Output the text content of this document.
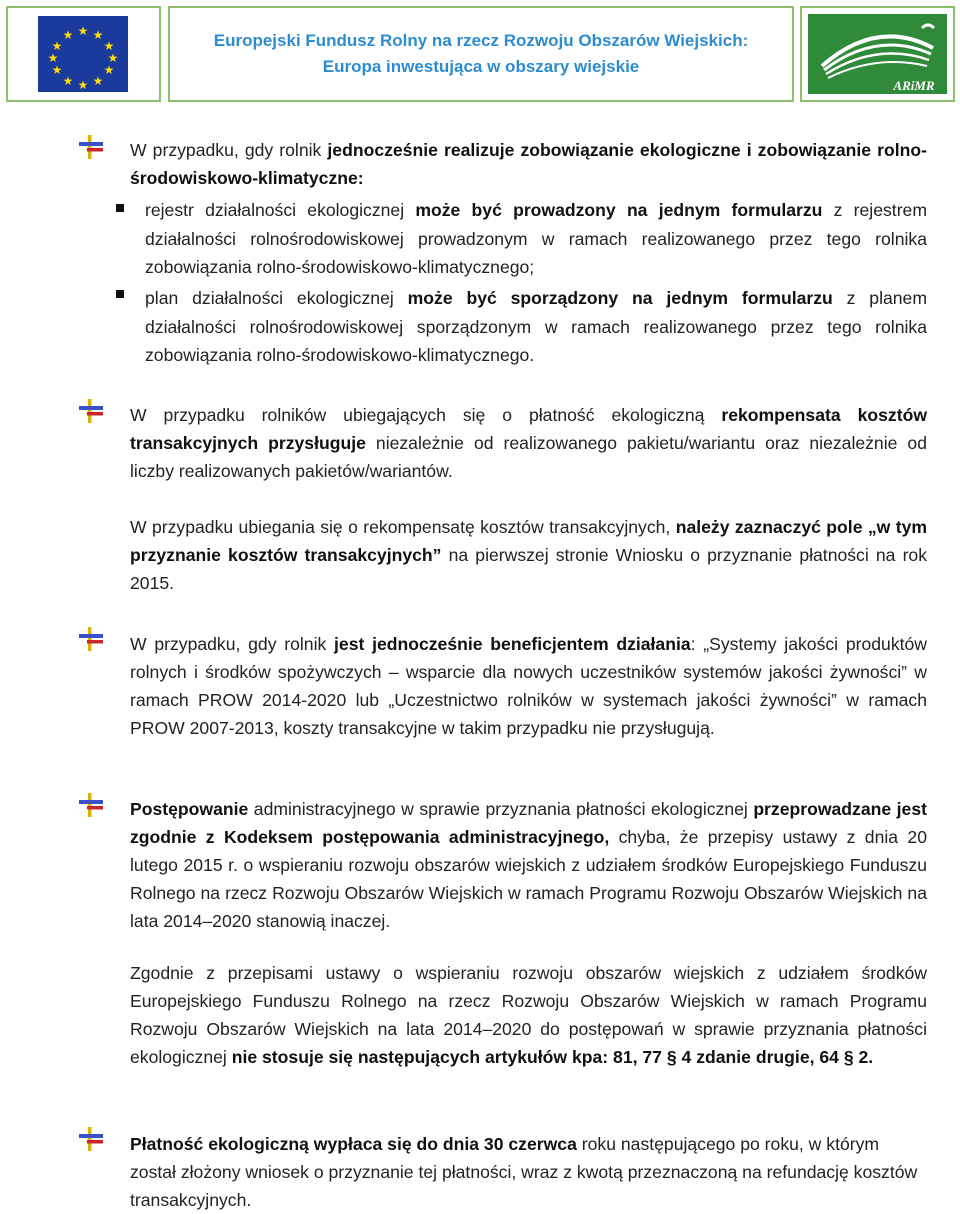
★ ★
★
★
★
★
★
★
★
★
★
★	Europejski Fundusz Rolny na rzecz Rozwoju Obszarów Wiejskich:
Europa inwestująca w obszary wiejskie
ARiMR
W przypadku, gdy rolnik jednocześnie realizuje zobowiązanie ekologiczne i zobowiązanie rolno-środowiskowo-klimatyczne:
rejestr działalności ekologicznej może być prowadzony na jednym formularzu z rejestrem działalności rolnośrodowiskowej prowadzonym w ramach realizowanego przez tego rolnika zobowiązania rolno-środowiskowo-klimatycznego;
plan działalności ekologicznej może być sporządzony na jednym formularzu z planem działalności rolnośrodowiskowej sporządzonym w ramach realizowanego przez tego rolnika zobowiązania rolno-środowiskowo-klimatycznego.
W przypadku rolników ubiegających się o płatność ekologiczną rekompensata kosztów transakcyjnych przysługuje niezależnie od realizowanego pakietu/wariantu oraz niezależnie od liczby realizowanych pakietów/wariantów.
W przypadku ubiegania się o rekompensatę kosztów transakcyjnych, należy zaznaczyć pole „w tym przyznanie kosztów transakcyjnych” na pierwszej stronie Wniosku o przyznanie płatności na rok 2015.
W przypadku, gdy rolnik jest jednocześnie beneficjentem działania: „Systemy jakości produktów rolnych i środków spożywczych – wsparcie dla nowych uczestników systemów jakości żywności” w ramach PROW 2014-2020 lub „Uczestnictwo rolników w systemach jakości żywności” w ramach PROW 2007-2013, koszty transakcyjne w takim przypadku nie przysługują.
Postępowanie administracyjnego w sprawie przyznania płatności ekologicznej przeprowadzane jest zgodnie z Kodeksem postępowania administracyjnego, chyba, że przepisy ustawy z dnia 20 lutego 2015 r. o wspieraniu rozwoju obszarów wiejskich z udziałem środków Europejskiego Funduszu Rolnego na rzecz Rozwoju Obszarów Wiejskich w ramach Programu Rozwoju Obszarów Wiejskich na lata 2014–2020 stanowią inaczej.
Zgodnie z przepisami ustawy o wspieraniu rozwoju obszarów wiejskich z udziałem środków Europejskiego Funduszu Rolnego na rzecz Rozwoju Obszarów Wiejskich w ramach Programu Rozwoju Obszarów Wiejskich na lata 2014–2020 do postępowań w sprawie przyznania płatności ekologicznej nie stosuje się następujących artykułów kpa: 81, 77 § 4 zdanie drugie, 64 § 2.
Płatność ekologiczną wypłaca się do dnia 30 czerwca roku następującego po roku, w którym został złożony wniosek o przyznanie tej płatności, wraz z kwotą przeznaczoną na refundację kosztów transakcyjnych.
